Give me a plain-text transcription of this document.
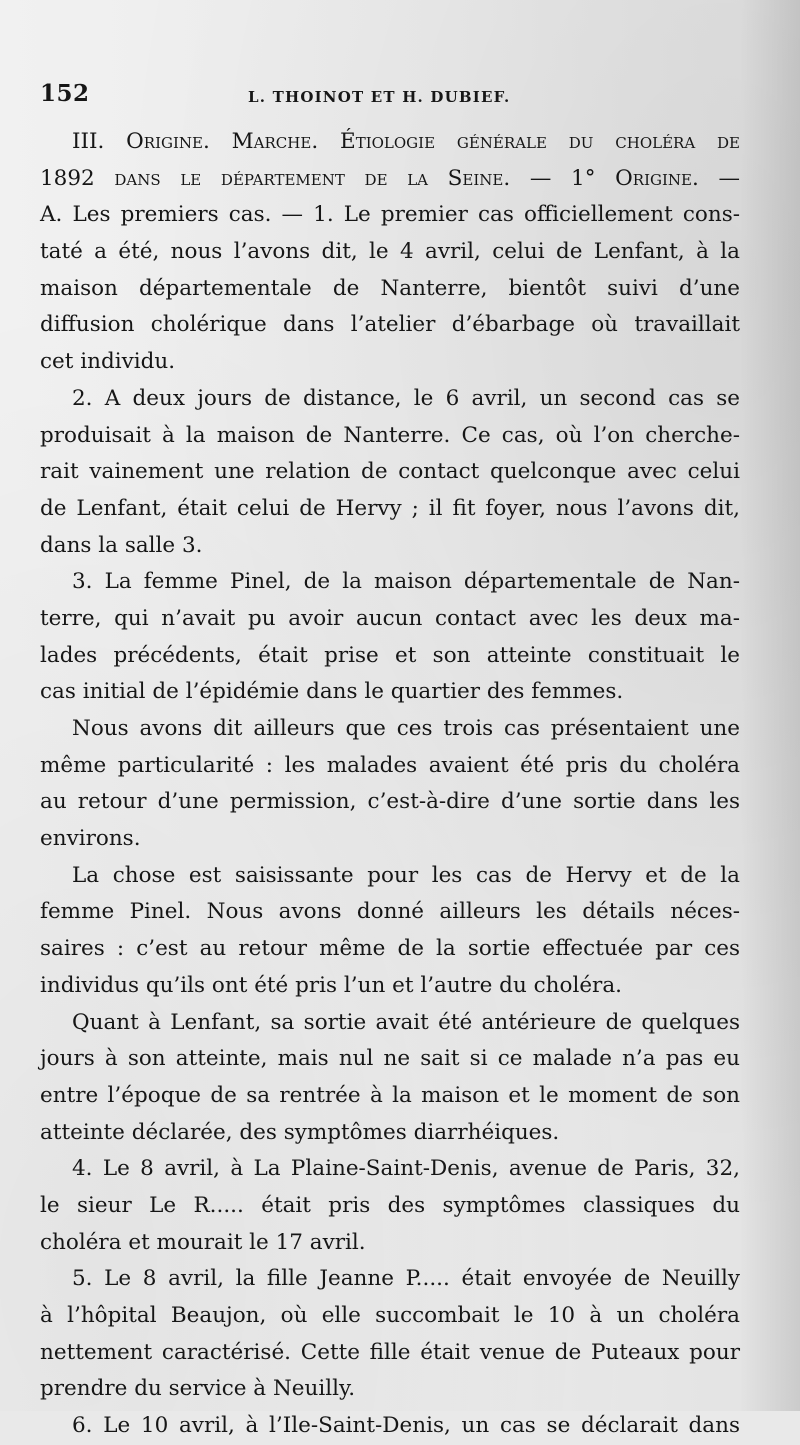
152	L. THOINOT ET H. DUBIEF.
III. Origine. Marche. Étiologie générale du choléra de
1892 dans le département de la Seine. — 1° Origine. —
A. Les premiers cas. — 1. Le premier cas officiellement cons-
taté a été, nous l’avons dit, le 4 avril, celui de Lenfant, à la
maison départementale de Nanterre, bientôt suivi d’une
diffusion cholérique dans l’atelier d’ébarbage où travaillait
cet individu.
2. A deux jours de distance, le 6 avril, un second cas se
produisait à la maison de Nanterre. Ce cas, où l’on cherche-
rait vainement une relation de contact quelconque avec celui
de Lenfant, était celui de Hervy ; il fit foyer, nous l’avons dit,
dans la salle 3.
3. La femme Pinel, de la maison départementale de Nan-
terre, qui n’avait pu avoir aucun contact avec les deux ma-
lades précédents, était prise et son atteinte constituait le
cas initial de l’épidémie dans le quartier des femmes.
Nous avons dit ailleurs que ces trois cas présentaient une
même particularité : les malades avaient été pris du choléra
au retour d’une permission, c’est-à-dire d’une sortie dans les
environs.
La chose est saisissante pour les cas de Hervy et de la
femme Pinel. Nous avons donné ailleurs les détails néces-
saires : c’est au retour même de la sortie effectuée par ces
individus qu’ils ont été pris l’un et l’autre du choléra.
Quant à Lenfant, sa sortie avait été antérieure de quelques
jours à son atteinte, mais nul ne sait si ce malade n’a pas eu
entre l’époque de sa rentrée à la maison et le moment de son
atteinte déclarée, des symptômes diarrhéiques.
4. Le 8 avril, à La Plaine-Saint-Denis, avenue de Paris, 32,
le sieur Le R..... était pris des symptômes classiques du
choléra et mourait le 17 avril.
5. Le 8 avril, la fille Jeanne P..... était envoyée de Neuilly
à l’hôpital Beaujon, où elle succombait le 10 à un choléra
nettement caractérisé. Cette fille était venue de Puteaux pour
prendre du service à Neuilly.
6. Le 10 avril, à l’Ile-Saint-Denis, un cas se déclarait dans
